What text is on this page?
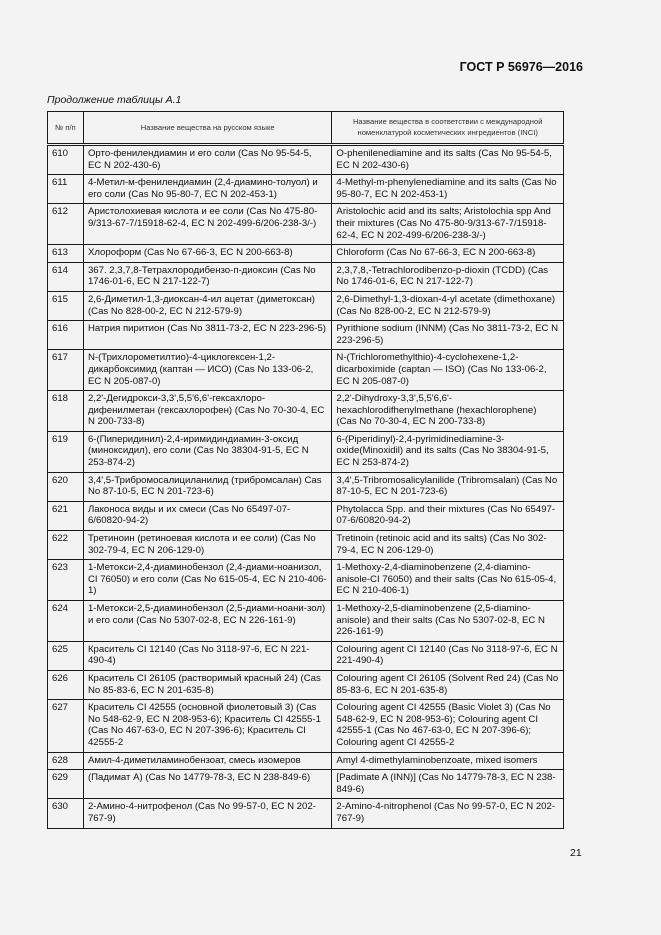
ГОСТ Р 56976—2016
Продолжение таблицы А.1
№ п/п	Название вещества на русском языке	Название вещества в соответствии с международной номенклатурой косметических ингредиентов (INCI)
610	Орто-фенилендиамин и его соли (Cas No 95-54-5, EC N 202-430-6)	O-phenilenediamine and its salts (Cas No 95-54-5, EC N 202-430-6)
611	4-Метил-м-фенилендиамин (2,4-диамино-толуол) и его соли (Cas No 95-80-7, EC N 202-453-1)	4-Methyl-m-phenylenediamine and its salts (Cas No 95-80-7, EC N 202-453-1)
612	Аристолохиевая кислота и ее соли (Cas No 475-80-9/313-67-7/15918-62-4, EC N 202-499-6/206-238-3/-)	Aristolochic acid and its salts; Aristolochia spp And their mixtures (Cas No 475-80-9/313-67-7/15918-62-4, EC N 202-499-6/206-238-3/-)
613	Хлороформ (Cas No 67-66-3, EC N 200-663-8)	Chloroform (Cas No 67-66-3, EC N 200-663-8)
614	367. 2,3,7,8-Тетрахлородибензо-п-диоксин (Cas No 1746-01-6, EC N 217-122-7)	2,3,7,8,-Tetrachlorodibenzo-p-dioxin (TCDD) (Cas No 1746-01-6, EC N 217-122-7)
615	2,6-Диметил-1,3-диоксан-4-ил ацетат (диметоксан) (Cas No 828-00-2, EC N 212-579-9)	2,6-Dimethyl-1,3-dioxan-4-yl acetate (dimethoxane) (Cas No 828-00-2, EC N 212-579-9)
616	Натрия пиритион (Cas No 3811-73-2, EC N 223-296-5)	Pyrithione sodium (INNM) (Cas No 3811-73-2, EC N 223-296-5)
617	N-(Трихлорометилтио)-4-циклогексен-1,2-дикарбоксимид (каптан — ИСО) (Cas No 133-06-2, EC N 205-087-0)	N-(Trichloromethylthio)-4-cyclohexene-1,2-dicarboximide (captan — ISO) (Cas No 133-06-2, EC N 205-087-0)
618	2,2'-Дегидрокси-3,3',5,5'6,6'-гексахлоро-дифенилметан (гексахлорофен) (Cas No 70-30-4, EC N 200-733-8)	2,2'-Dihydroxy-3,3',5,5'6,6'-hexachlorodifhenylmethane (hexachlorophene) (Cas No 70-30-4, EC N 200-733-8)
619	6-(Пиперидинил)-2,4-иримидиндиамин-3-оксид (миноксидил), его соли (Cas No 38304-91-5, EC N 253-874-2)	6-(Piperidinyl)-2,4-pyrimidinediamine-3-oxide(Minoxidil) and its salts (Cas No 38304-91-5, EC N 253-874-2)
620	3,4',5-Трибромосалициланилид (трибромсалан) Cas No 87-10-5, EC N 201-723-6)	3,4',5-Tribromosalicylanilide (Tribromsalan) (Cas No 87-10-5, EC N 201-723-6)
621	Лаконоса виды и их смеси (Cas No 65497-07-6/60820-94-2)	Phytolacca Spp. and their mixtures (Cas No 65497-07-6/60820-94-2)
622	Третиноин (ретиноевая кислота и ее соли) (Cas No 302-79-4, EC N 206-129-0)	Tretinoin (retinoic acid and its salts) (Cas No 302-79-4, EC N 206-129-0)
623	1-Метокси-2,4-диаминобензол (2,4-диами-ноанизол, CI 76050) и его соли (Cas No 615-05-4, EC N 210-406-1)	1-Methoxy-2,4-diaminobenzene (2,4-diamino-anisole-CI 76050) and their salts (Cas No 615-05-4, EC N 210-406-1)
624	1-Метокси-2,5-диаминобензол (2,5-диами-ноани-зол) и его соли (Cas No 5307-02-8, EC N 226-161-9)	1-Methoxy-2,5-diaminobenzene (2,5-diamino-anisole) and their salts (Cas No 5307-02-8, EC N 226-161-9)
625	Краситель CI 12140 (Cas No 3118-97-6, EC N 221-490-4)	Colouring agent CI 12140 (Cas No 3118-97-6, EC N 221-490-4)
626	Краситель CI 26105 (растворимый красный 24) (Cas No 85-83-6, EC N 201-635-8)	Colouring agent CI 26105 (Solvent Red 24) (Cas No 85-83-6, EC N 201-635-8)
627	Краситель CI 42555 (основной фиолетовый 3) (Cas No 548-62-9, EC N 208-953-6); Краситель CI 42555-1 (Cas No 467-63-0, EC N 207-396-6); Краситель CI 42555-2	Colouring agent CI 42555 (Basic Violet 3) (Cas No 548-62-9, EC N 208-953-6); Colouring agent CI 42555-1 (Cas No 467-63-0, EC N 207-396-6); Colouring agent CI 42555-2
628	Амил-4-диметиламинобензоат, смесь изомеров	Amyl 4-dimethylaminobenzoate, mixed isomers
629	(Падимат А) (Cas No 14779-78-3, EC N 238-849-6)	[Padimate A (INN)] (Cas No 14779-78-3, EC N 238-849-6)
630	2-Амино-4-нитрофенол (Cas No 99-57-0, EC N 202-767-9)	2-Amino-4-nitrophenol (Cas No 99-57-0, EC N 202-767-9)
21
